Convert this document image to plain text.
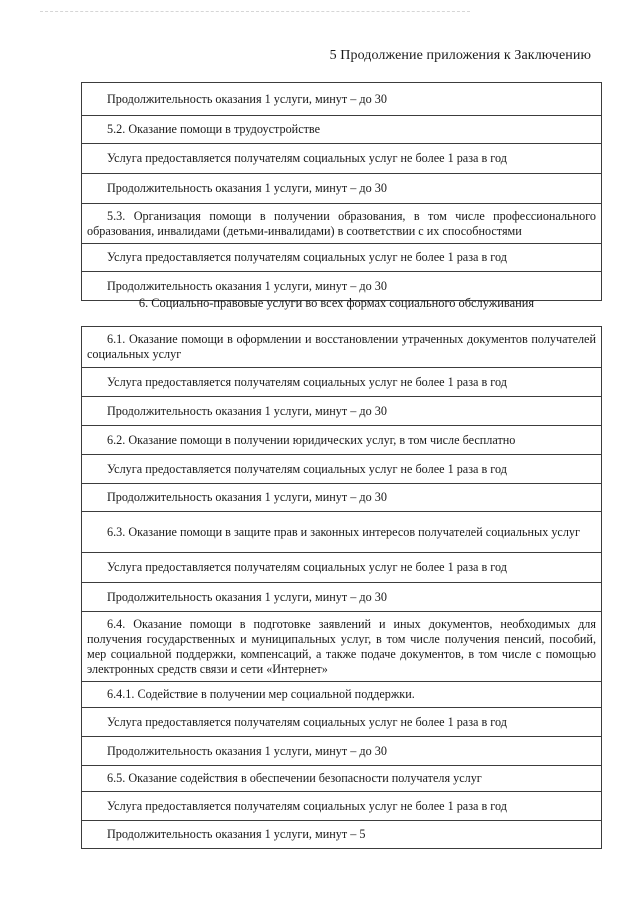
5 Продолжение приложения к Заключению
Продолжительность оказания 1 услуги, минут – до 30
5.2. Оказание помощи в трудоустройстве
Услуга предоставляется получателям социальных услуг не более 1 раза в год
Продолжительность оказания 1 услуги, минут – до 30
5.3. Организация помощи в получении образования, в том числе профессионального образования, инвалидами (детьми-инвалидами) в соответствии с их способностями
Услуга предоставляется получателям социальных услуг не более 1 раза в год
Продолжительность оказания 1 услуги, минут – до 30
6. Социально-правовые услуги во всех формах социального обслуживания
6.1. Оказание помощи в оформлении и восстановлении утраченных документов получателей социальных услуг
Услуга предоставляется получателям социальных услуг не более 1 раза в год
Продолжительность оказания 1 услуги, минут – до 30
6.2. Оказание помощи в получении юридических услуг, в том числе бесплатно
Услуга предоставляется получателям социальных услуг не более 1 раза в год
Продолжительность оказания 1 услуги, минут – до 30
6.3. Оказание помощи в защите прав и законных интересов получателей социальных услуг
Услуга предоставляется получателям социальных услуг не более 1 раза в год
Продолжительность оказания 1 услуги, минут – до 30
6.4. Оказание помощи в подготовке заявлений и иных документов, необходимых для получения государственных и муниципальных услуг, в том числе получения пенсий, пособий, мер социальной поддержки, компенсаций, а также подаче документов, в том числе с помощью электронных средств связи и сети «Интернет»
6.4.1. Содействие в получении мер социальной поддержки.
Услуга предоставляется получателям социальных услуг не более 1 раза в год
Продолжительность оказания 1 услуги, минут – до 30
6.5. Оказание содействия в обеспечении безопасности получателя услуг
Услуга предоставляется получателям социальных услуг не более 1 раза в год
Продолжительность оказания 1 услуги, минут – 5
